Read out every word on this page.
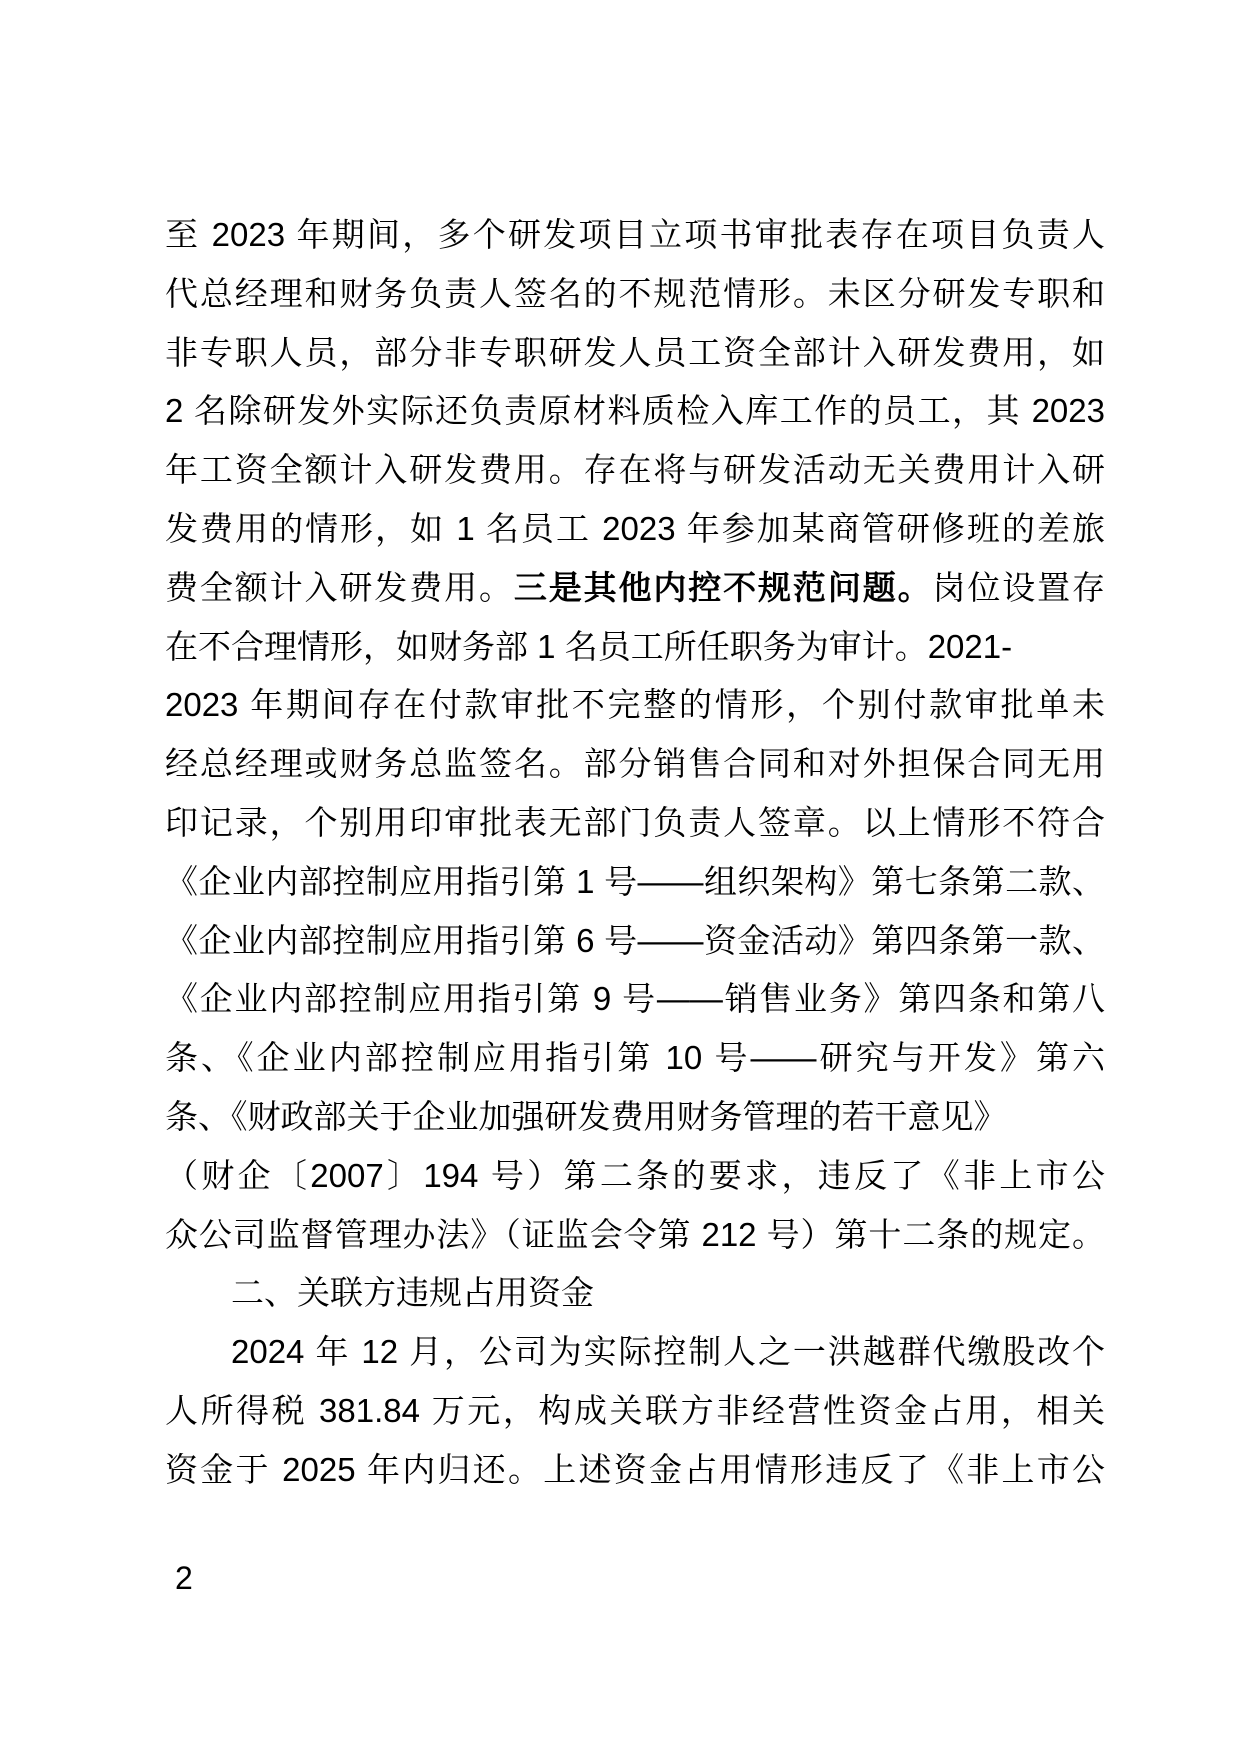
至 2023 年期间，多个研发项目立项书审批表存在项目负责人
代总经理和财务负责人签名的不规范情形。未区分研发专职和
非专职人员，部分非专职研发人员工资全部计入研发费用，如
2 名除研发外实际还负责原材料质检入库工作的员工，其 2023
年工资全额计入研发费用。存在将与研发活动无关费用计入研
发费用的情形，如 1 名员工 2023 年参加某商管研修班的差旅
费全额计入研发费用。三是其他内控不规范问题。岗位设置存
在不合理情形，如财务部 1 名员工所任职务为审计。2021-
2023 年期间存在付款审批不完整的情形，个别付款审批单未
经总经理或财务总监签名。部分销售合同和对外担保合同无用
印记录，个别用印审批表无部门负责人签章。以上情形不符合
《企业内部控制应用指引第 1 号——组织架构》第七条第二款、
《企业内部控制应用指引第 6 号——资金活动》第四条第一款、
《企业内部控制应用指引第 9 号——销售业务》第四条和第八
条、《企业内部控制应用指引第 10 号——研究与开发》第六
条、《财政部关于企业加强研发费用财务管理的若干意见》
（财企〔2007〕194 号）第二条的要求，违反了《非上市公
众公司监督管理办法》（证监会令第 212 号）第十二条的规定。
二、关联方违规占用资金
2024 年 12 月，公司为实际控制人之一洪越群代缴股改个
人所得税 381.84 万元，构成关联方非经营性资金占用，相关
资金于 2025 年内归还。上述资金占用情形违反了《非上市公
2
